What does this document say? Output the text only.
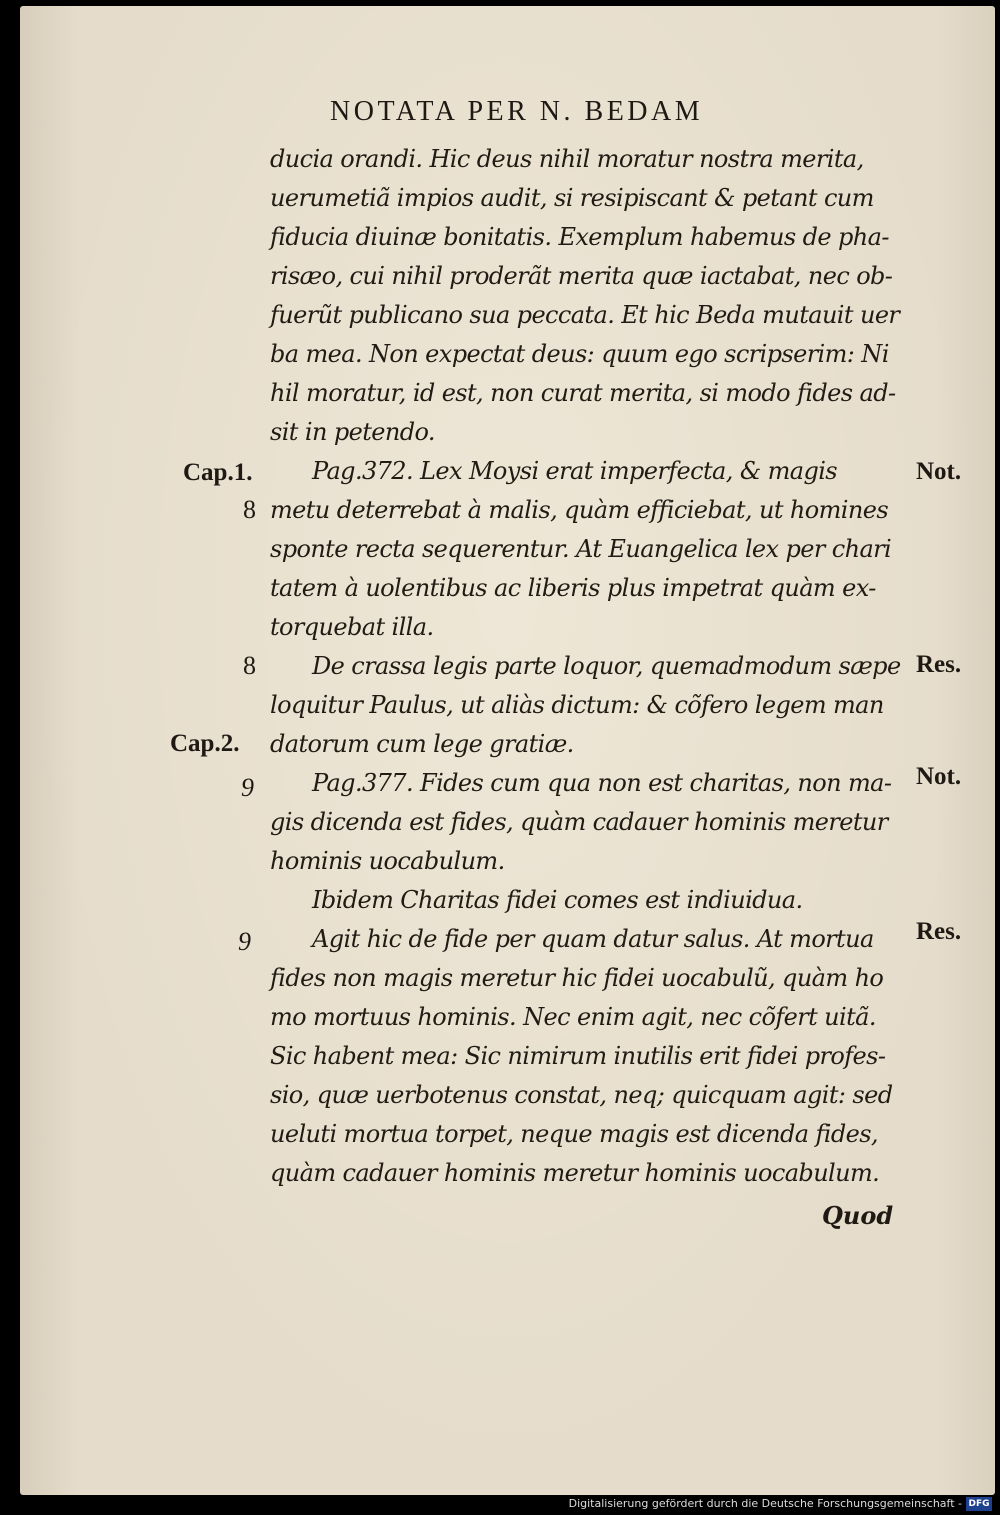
NOTATA PER N. BEDAM
ducia orandi. Hic deus nihil moratur nostra merita,
uerumetiã impios audit, si resipiscant & petant cum
fiducia diuinæ bonitatis. Exemplum habemus de pha-
risæo, cui nihil proderãt merita quæ iactabat, nec ob-
fuerũt publicano sua peccata. Et hic Beda mutauit uer
ba mea. Non expectat deus: quum ego scripserim: Ni
hil moratur, id est, non curat merita, si modo fides ad-
sit in petendo.
Pag.372. Lex Moysi erat imperfecta, & magis
metu deterrebat à malis, quàm efficiebat, ut homines
sponte recta sequerentur. At Euangelica lex per chari
tatem à uolentibus ac liberis plus impetrat quàm ex-
torquebat illa.
De crassa legis parte loquor, quemadmodum sæpe
loquitur Paulus, ut aliàs dictum: & cõfero legem man
datorum cum lege gratiæ.
Pag.377. Fides cum qua non est charitas, non ma-
gis dicenda est fides, quàm cadauer hominis meretur
hominis uocabulum.
Ibidem Charitas fidei comes est indiuidua.
Agit hic de fide per quam datur salus. At mortua
fides non magis meretur hic fidei uocabulũ, quàm ho
mo mortuus hominis. Nec enim agit, nec cõfert uitã.
Sic habent mea: Sic nimirum inutilis erit fidei profes-
sio, quæ uerbotenus constat, neq; quicquam agit: sed
ueluti mortua torpet, neque magis est dicenda fides,
quàm cadauer hominis meretur hominis uocabulum.
Quod
Cap.1.
8
8
Cap.2.
9
9
Not.
Res.
Not.
Res.
Digitalisierung gefördert durch die Deutsche Forschungsgemeinschaft - DFG
